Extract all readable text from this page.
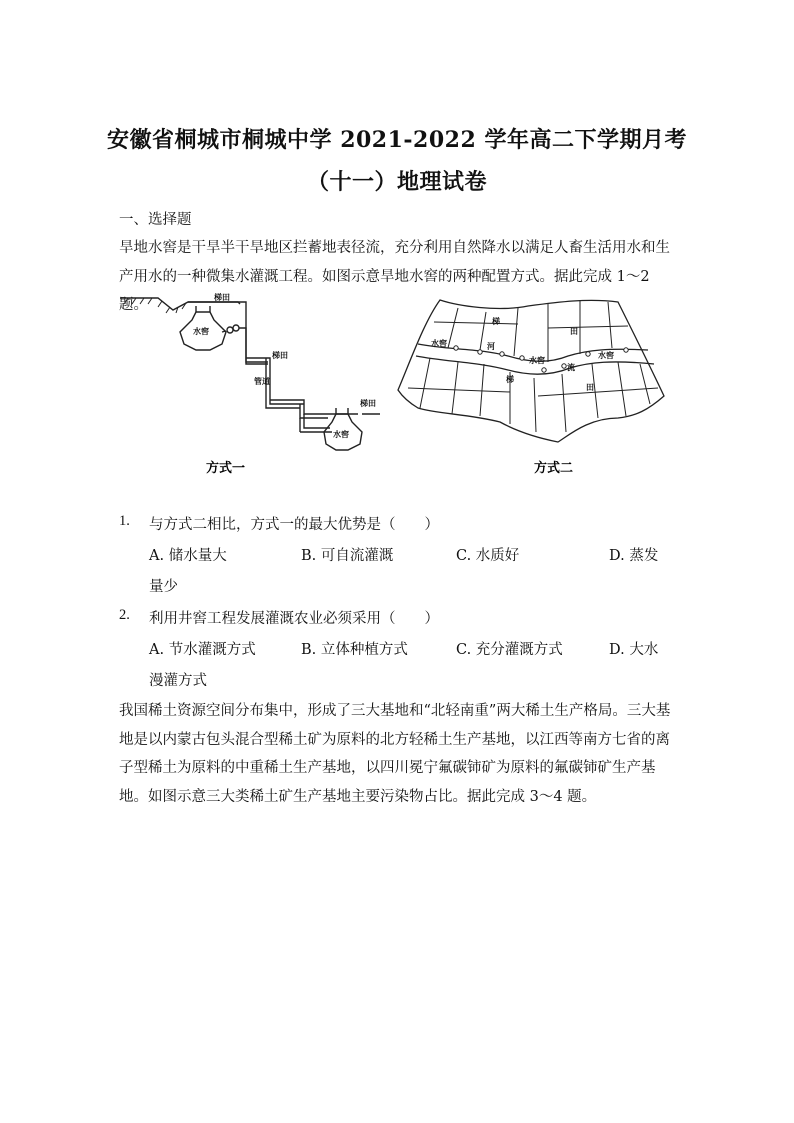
安徽省桐城市桐城中学 2021-2022 学年高二下学期月考
（十一）地理试卷
一、选择题
旱地水窖是干旱半干旱地区拦蓄地表径流，充分利用自然降水以满足人畜生活用水和生产用水的一种微集水灌溉工程。如图示意旱地水窖的两种配置方式。据此完成 1～2 题。	梯田
水窖
梯田
管道
梯田
水窖
方式一
梯
田
水窖	河
水窖
流
水窖
梯
田
方式二
1. 与方式二相比，方式一的最大优势是（　　）
A. 储水量大	B. 可自流灌溉	C. 水质好	D. 蒸发
量少
2. 利用井窖工程发展灌溉农业必须采用（　　）
A. 节水灌溉方式	B. 立体种植方式	C. 充分灌溉方式	D. 大水
漫灌方式
我国稀土资源空间分布集中，形成了三大基地和“北轻南重”两大稀土生产格局。三大基地是以内蒙古包头混合型稀土矿为原料的北方轻稀土生产基地，以江西等南方七省的离子型稀土为原料的中重稀土生产基地，以四川冕宁氟碳铈矿为原料的氟碳铈矿生产基地。如图示意三大类稀土矿生产基地主要污染物占比。据此完成 3～4 题。
